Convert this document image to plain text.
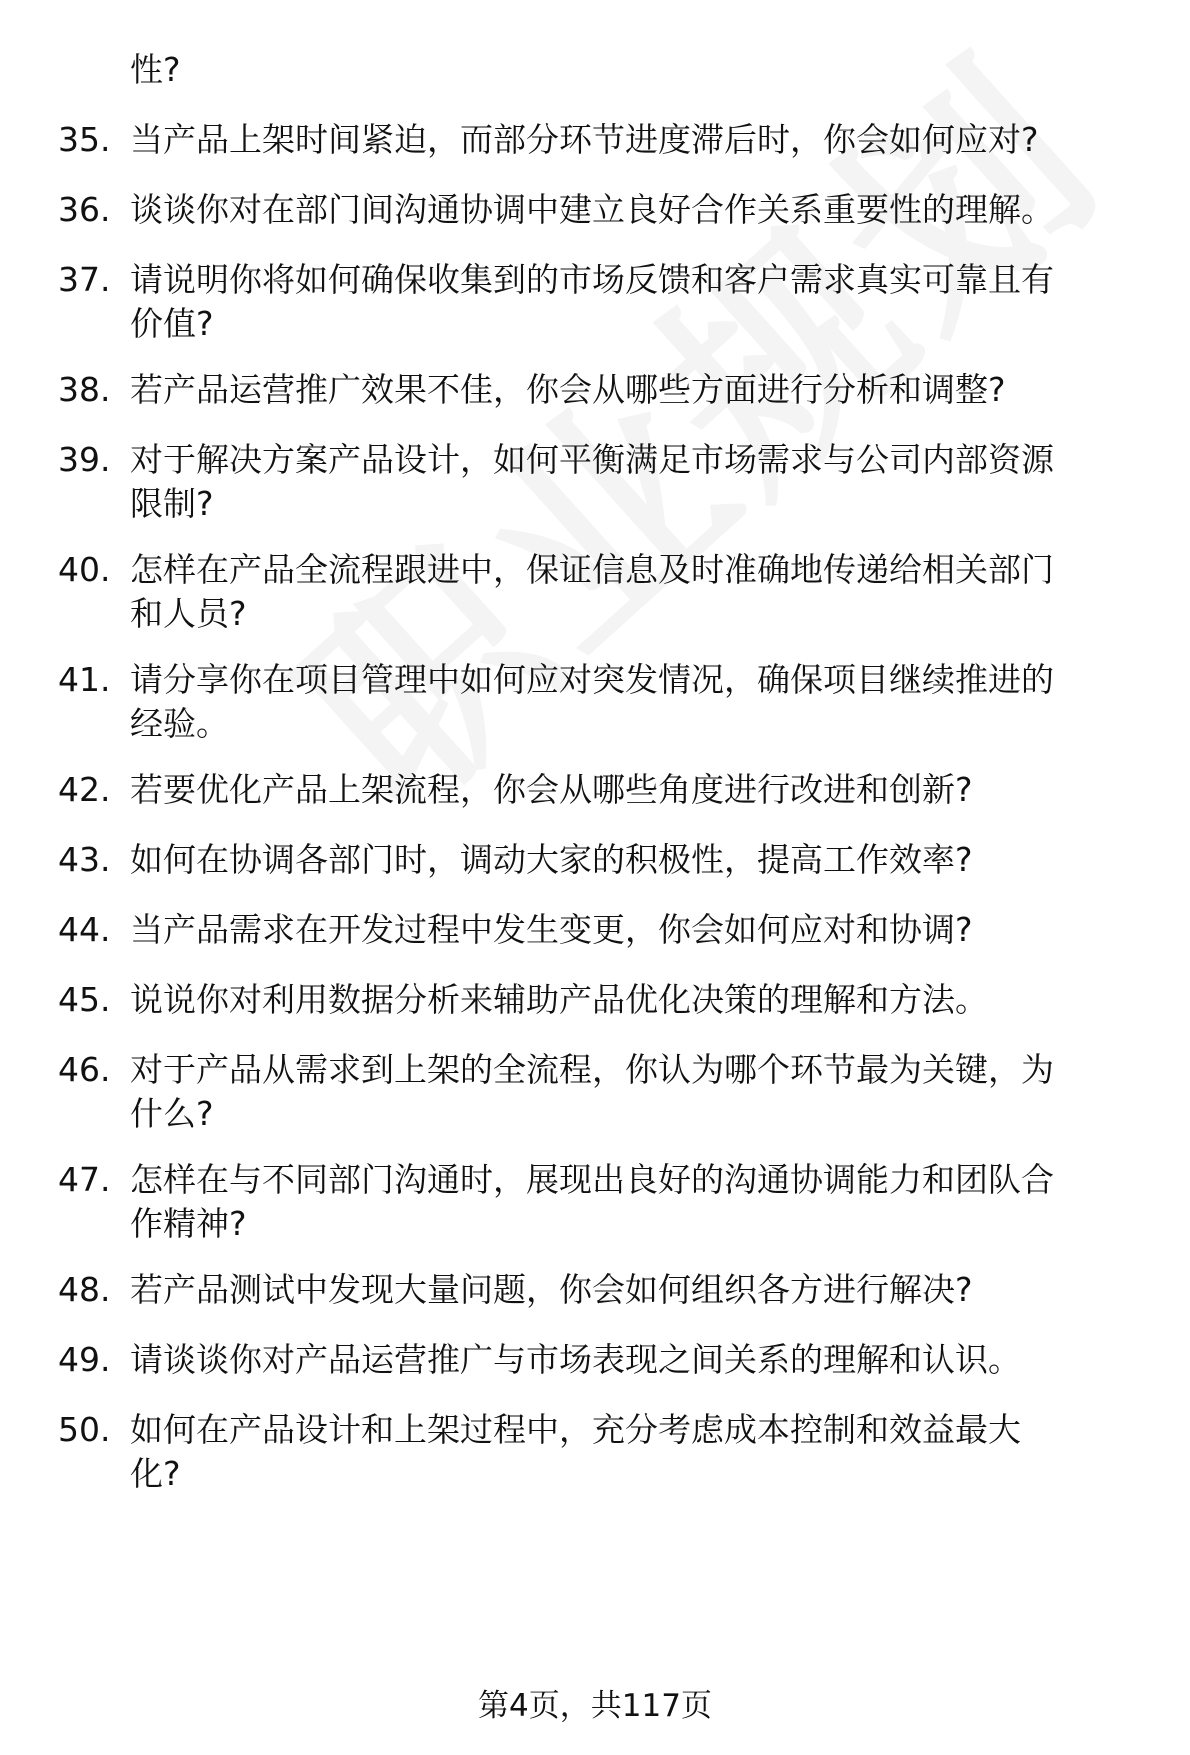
性?
35. 当产品上架时间紧迫，而部分环节进度滞后时，你会如何应对?
36. 谈谈你对在部门间沟通协调中建立良好合作关系重要性的理解。
37. 请说明你将如何确保收集到的市场反馈和客户需求真实可靠且有
价值?
38. 若产品运营推广效果不佳，你会从哪些方面进行分析和调整?
39. 对于解决方案产品设计，如何平衡满足市场需求与公司内部资源
限制?
40. 怎样在产品全流程跟进中，保证信息及时准确地传递给相关部门
和人员?
41. 请分享你在项目管理中如何应对突发情况，确保项目继续推进的
经验。
42. 若要优化产品上架流程，你会从哪些角度进行改进和创新?
43. 如何在协调各部门时，调动大家的积极性，提高工作效率?
44. 当产品需求在开发过程中发生变更，你会如何应对和协调?
45. 说说你对利用数据分析来辅助产品优化决策的理解和方法。
46. 对于产品从需求到上架的全流程，你认为哪个环节最为关键，为
什么?
47. 怎样在与不同部门沟通时，展现出良好的沟通协调能力和团队合
作精神?
48. 若产品测试中发现大量问题，你会如何组织各方进行解决?
49. 请谈谈你对产品运营推广与市场表现之间关系的理解和认识。
50. 如何在产品设计和上架过程中，充分考虑成本控制和效益最大
化?
第4页，共117页
